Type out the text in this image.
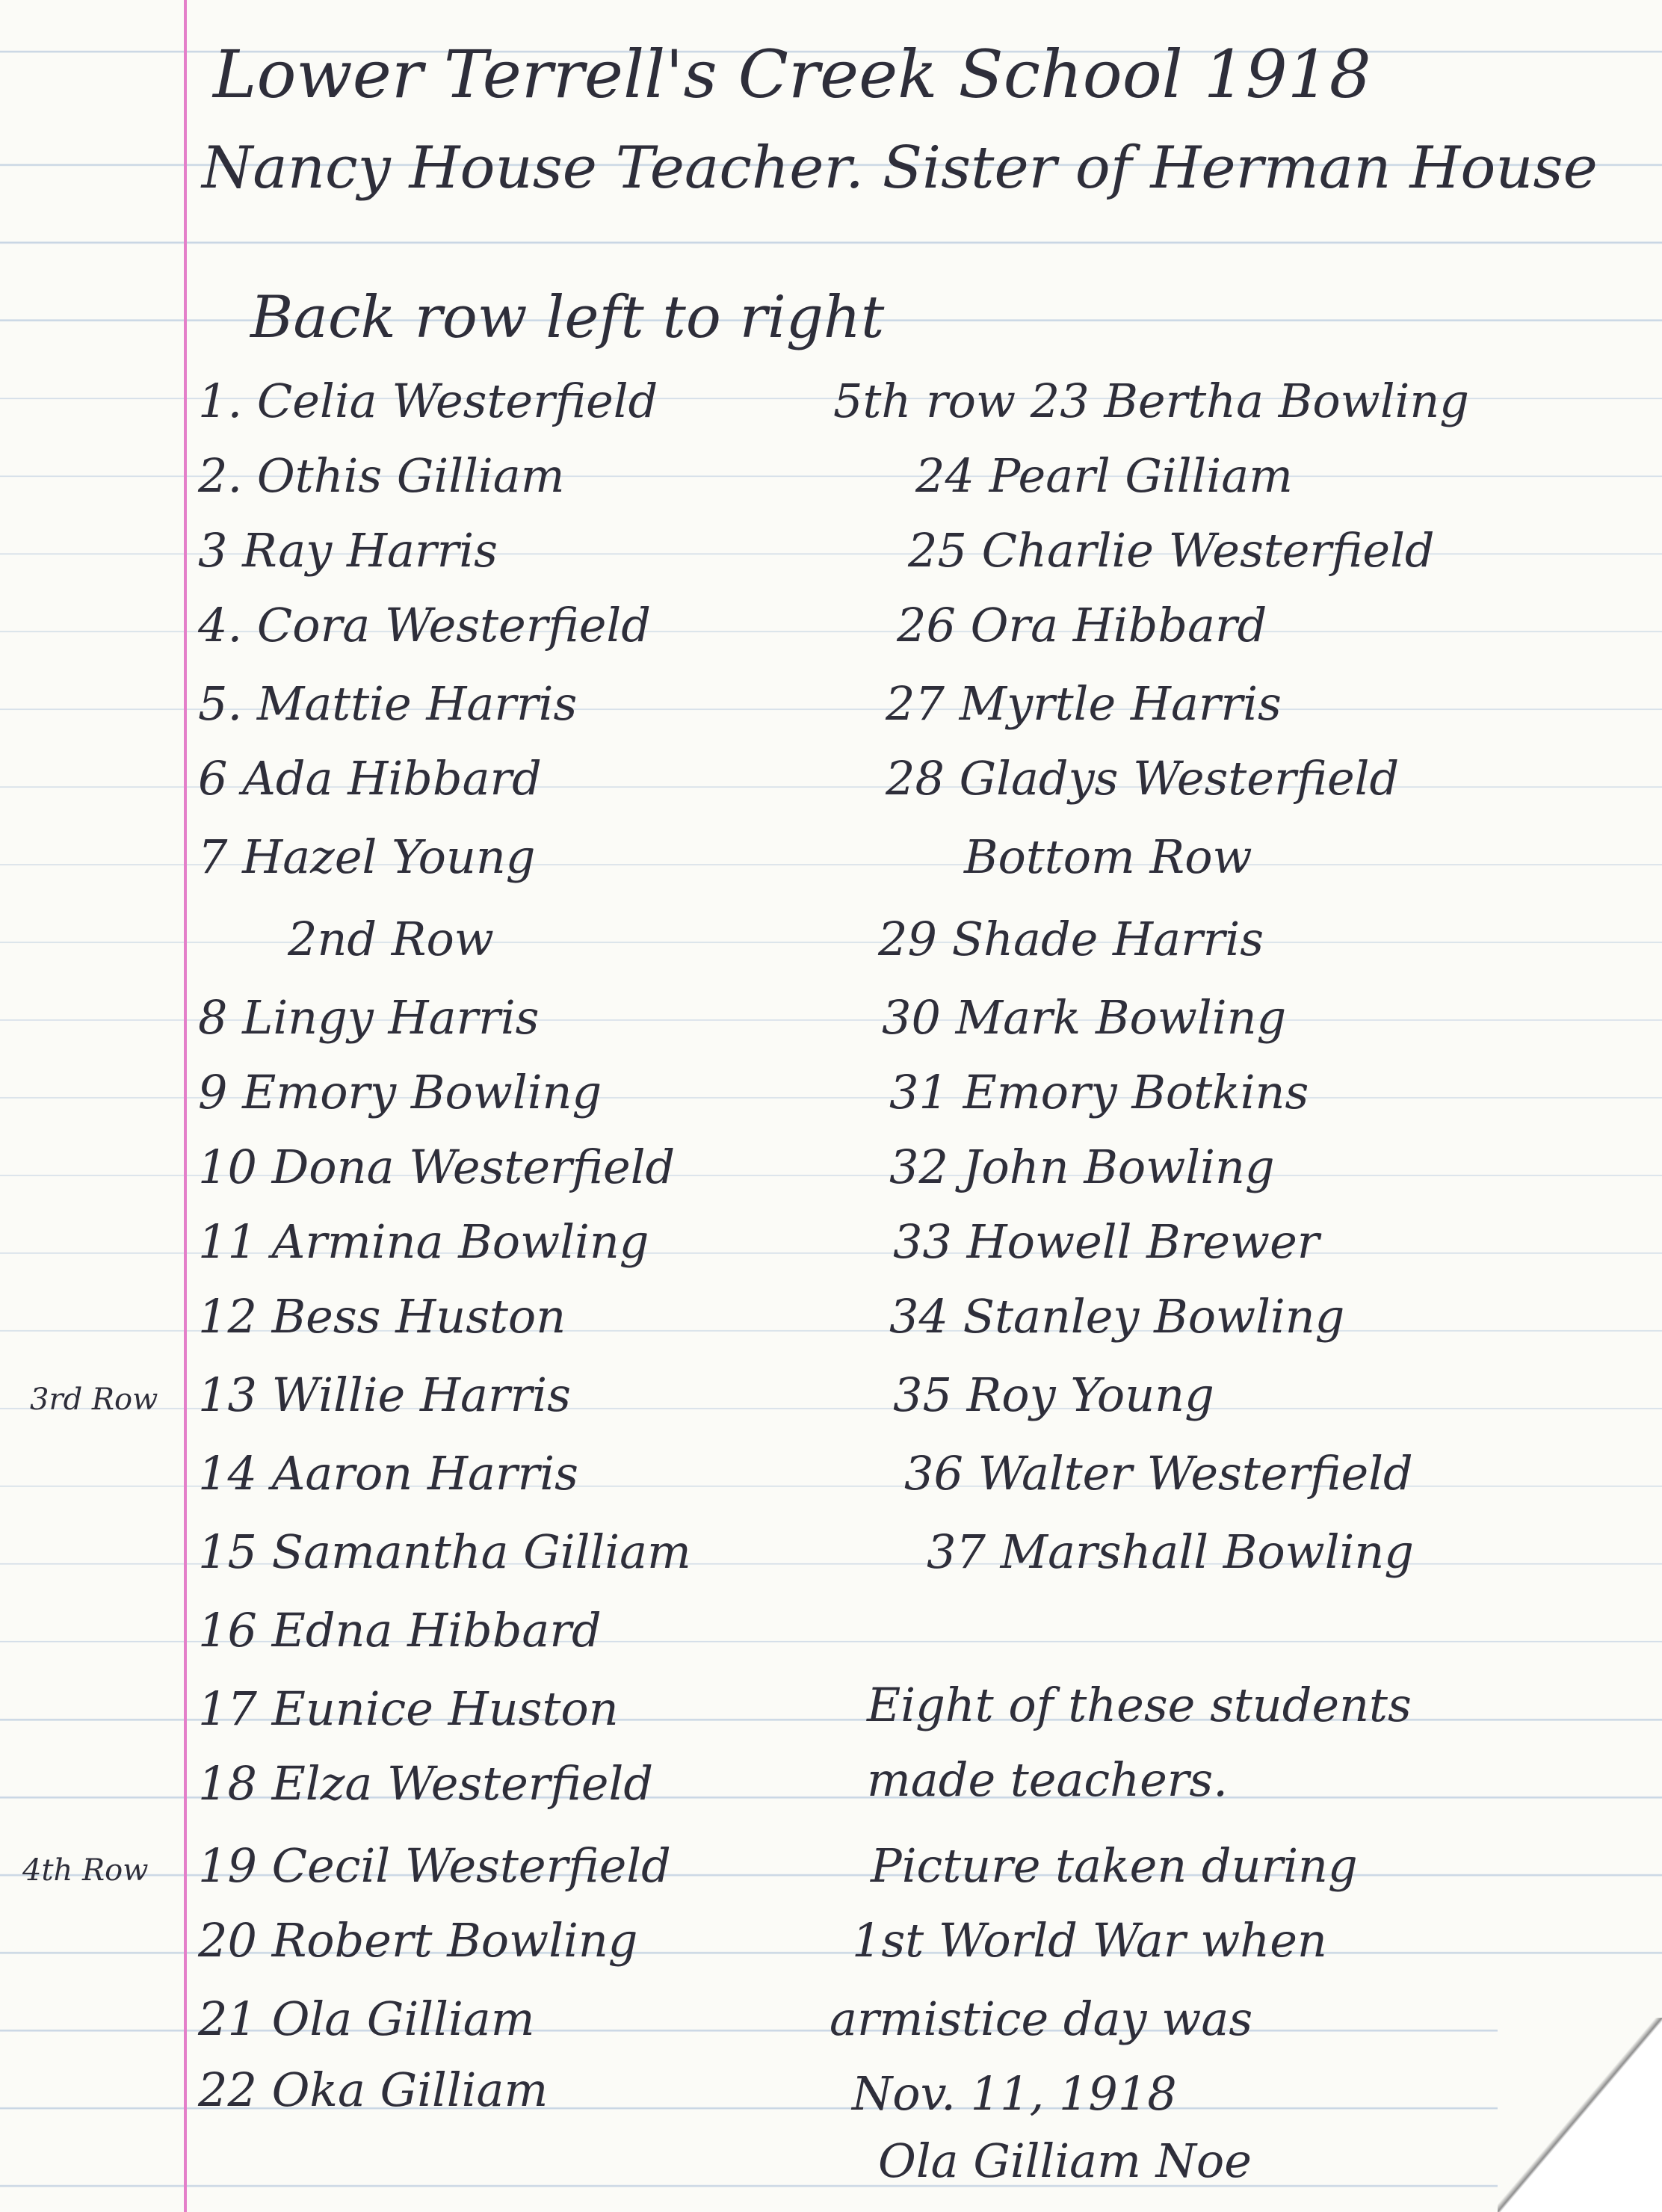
Lower Terrell's Creek School 1918
Nancy House Teacher. Sister of Herman House
Back row left to right
1. Celia Westerfield
2. Othis Gilliam
3 Ray Harris
4. Cora Westerfield
5. Mattie Harris
6 Ada Hibbard
7 Hazel Young
2nd Row
8 Lingy Harris
9 Emory Bowling
10 Dona Westerfield
11 Armina Bowling
12 Bess Huston
13 Willie Harris
14 Aaron Harris
15 Samantha Gilliam
16 Edna Hibbard
17 Eunice Huston
18 Elza Westerfield
19 Cecil Westerfield
20 Robert Bowling
21 Ola Gilliam
22 Oka Gilliam
3rd Row
4th Row
5th row 23 Bertha Bowling
24 Pearl Gilliam
25 Charlie Westerfield
26 Ora Hibbard
27 Myrtle Harris
28 Gladys Westerfield
Bottom Row
29 Shade Harris
30 Mark Bowling
31 Emory Botkins
32 John Bowling
33 Howell Brewer
34 Stanley Bowling
35 Roy Young
36 Walter Westerfield
37 Marshall Bowling
Eight of these students
made teachers.
Picture taken during
1st World War when
armistice day was
Nov. 11, 1918
Ola Gilliam Noe
